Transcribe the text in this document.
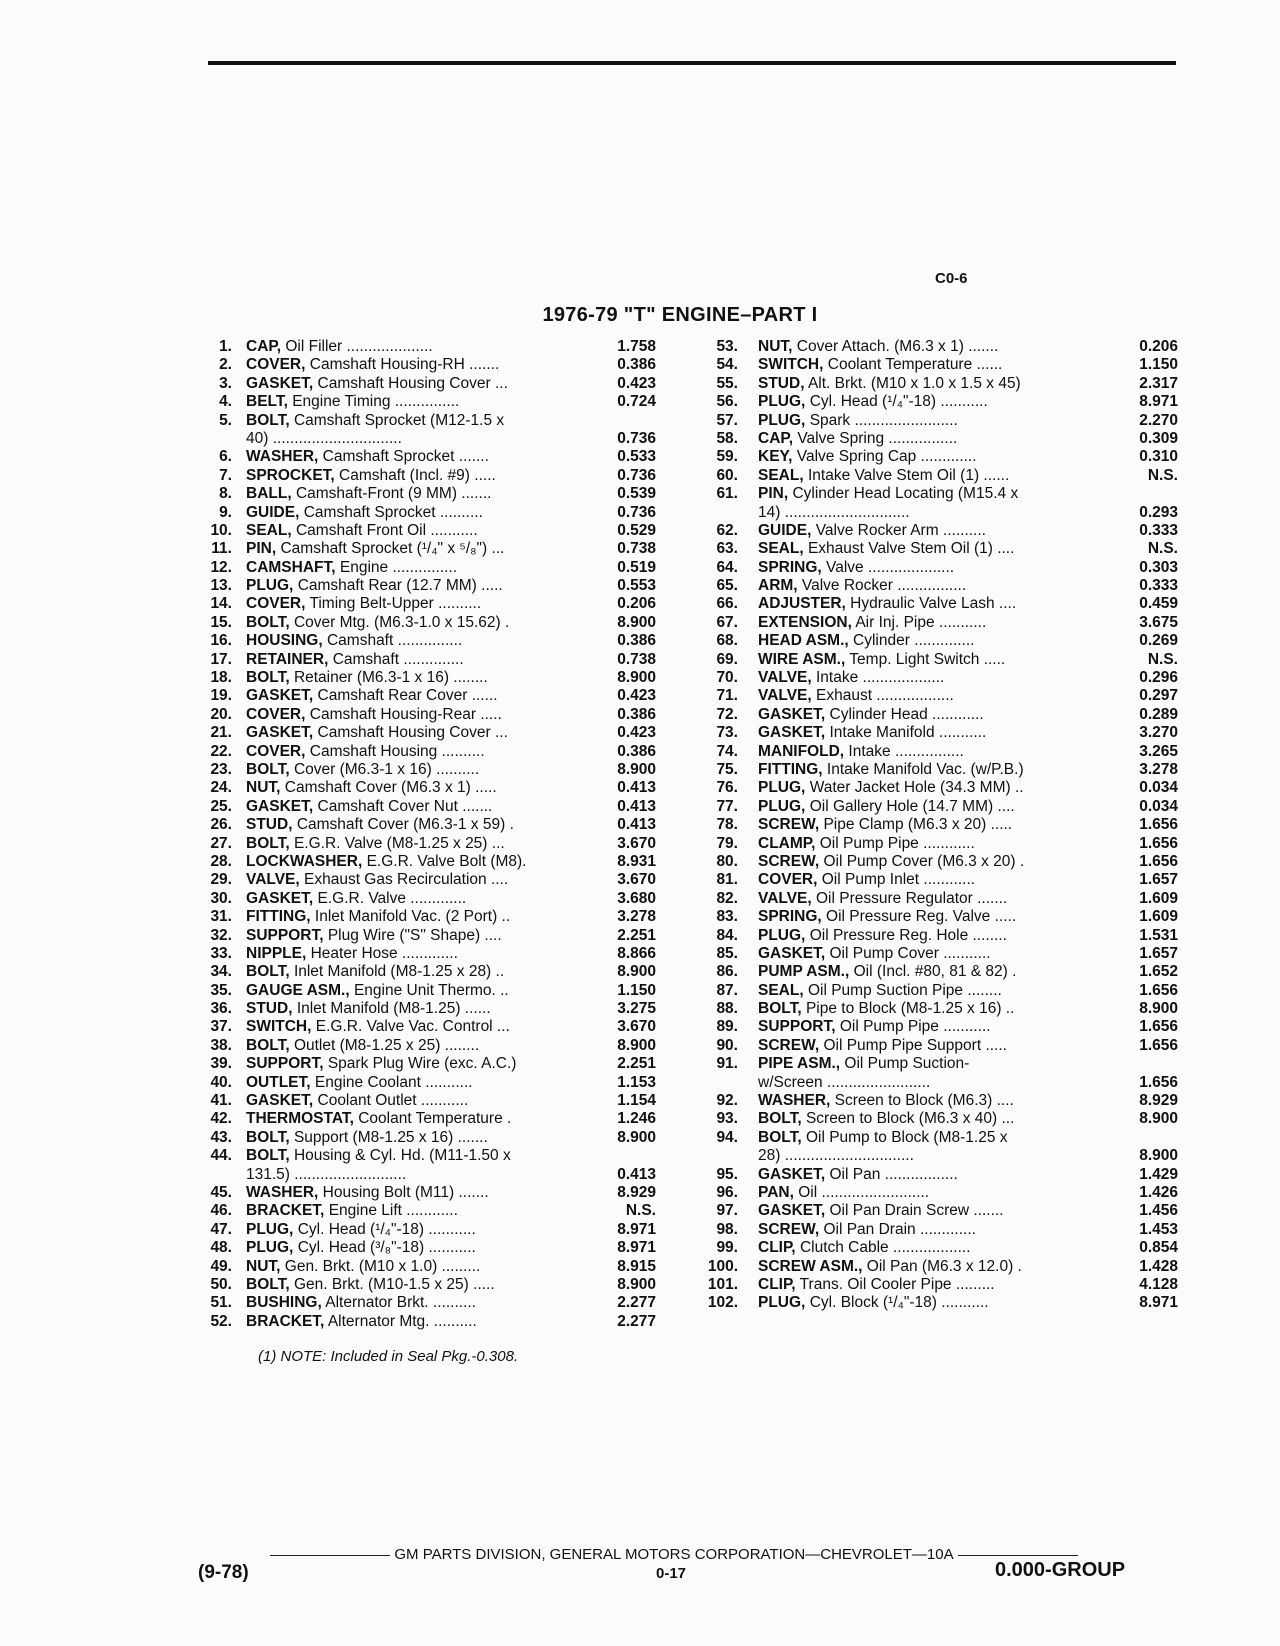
C0-6
1976-79 "T" ENGINE–PART I
1. CAP, Oil Filler ....................	1.758
2. COVER, Camshaft Housing-RH .......	0.386
3. GASKET, Camshaft Housing Cover ...	0.423
4. BELT, Engine Timing ...............	0.724
5. BOLT, Camshaft Sprocket (M12-1.5 x
40) ..............................	0.736
6. WASHER, Camshaft Sprocket .......	0.533
7. SPROCKET, Camshaft (Incl. #9) .....	0.736
8. BALL, Camshaft-Front (9 MM) .......	0.539
9. GUIDE, Camshaft Sprocket ..........	0.736
10. SEAL, Camshaft Front Oil ...........	0.529
11. PIN, Camshaft Sprocket (¹/₄" x ⁵/₈") ...	0.738
12. CAMSHAFT, Engine ...............	0.519
13. PLUG, Camshaft Rear (12.7 MM) .....	0.553
14. COVER, Timing Belt-Upper ..........	0.206
15. BOLT, Cover Mtg. (M6.3-1.0 x 15.62) .	8.900
16. HOUSING, Camshaft ...............	0.386
17. RETAINER, Camshaft ..............	0.738
18. BOLT, Retainer (M6.3-1 x 16) ........	8.900
19. GASKET, Camshaft Rear Cover ......	0.423
20. COVER, Camshaft Housing-Rear .....	0.386
21. GASKET, Camshaft Housing Cover ...	0.423
22. COVER, Camshaft Housing ..........	0.386
23. BOLT, Cover (M6.3-1 x 16) ..........	8.900
24. NUT, Camshaft Cover (M6.3 x 1) .....	0.413
25. GASKET, Camshaft Cover Nut .......	0.413
26. STUD, Camshaft Cover (M6.3-1 x 59) .	0.413
27. BOLT, E.G.R. Valve (M8-1.25 x 25) ...	3.670
28. LOCKWASHER, E.G.R. Valve Bolt (M8).	8.931
29. VALVE, Exhaust Gas Recirculation ....	3.670
30. GASKET, E.G.R. Valve .............	3.680
31. FITTING, Inlet Manifold Vac. (2 Port) ..	3.278
32. SUPPORT, Plug Wire ("S" Shape) ....	2.251
33. NIPPLE, Heater Hose .............	8.866
34. BOLT, Inlet Manifold (M8-1.25 x 28) ..	8.900
35. GAUGE ASM., Engine Unit Thermo. ..	1.150
36. STUD, Inlet Manifold (M8-1.25) ......	3.275
37. SWITCH, E.G.R. Valve Vac. Control ...	3.670
38. BOLT, Outlet (M8-1.25 x 25) ........	8.900
39. SUPPORT, Spark Plug Wire (exc. A.C.)	2.251
40. OUTLET, Engine Coolant ...........	1.153
41. GASKET, Coolant Outlet ...........	1.154
42. THERMOSTAT, Coolant Temperature .	1.246
43. BOLT, Support (M8-1.25 x 16) .......	8.900
44. BOLT, Housing & Cyl. Hd. (M11-1.50 x
131.5) ..........................	0.413
45. WASHER, Housing Bolt (M11) .......	8.929
46. BRACKET, Engine Lift ............	N.S.
47. PLUG, Cyl. Head (¹/₄"-18) ...........	8.971
48. PLUG, Cyl. Head (³/₈"-18) ...........	8.971
49. NUT, Gen. Brkt. (M10 x 1.0) .........	8.915
50. BOLT, Gen. Brkt. (M10-1.5 x 25) .....	8.900
51. BUSHING, Alternator Brkt. ..........	2.277
52. BRACKET, Alternator Mtg. ..........	2.277
53. NUT, Cover Attach. (M6.3 x 1) .......	0.206
54. SWITCH, Coolant Temperature ......	1.150
55. STUD, Alt. Brkt. (M10 x 1.0 x 1.5 x 45)	2.317
56. PLUG, Cyl. Head (¹/₄"-18) ...........	8.971
57. PLUG, Spark ........................	2.270
58. CAP, Valve Spring ................	0.309
59. KEY, Valve Spring Cap .............	0.310
60. SEAL, Intake Valve Stem Oil (1) ......	N.S.
61. PIN, Cylinder Head Locating (M15.4 x
14) .............................	0.293
62. GUIDE, Valve Rocker Arm ..........	0.333
63. SEAL, Exhaust Valve Stem Oil (1) ....	N.S.
64. SPRING, Valve ....................	0.303
65. ARM, Valve Rocker ................	0.333
66. ADJUSTER, Hydraulic Valve Lash ....	0.459
67. EXTENSION, Air Inj. Pipe ...........	3.675
68. HEAD ASM., Cylinder ..............	0.269
69. WIRE ASM., Temp. Light Switch .....	N.S.
70. VALVE, Intake ...................	0.296
71. VALVE, Exhaust ..................	0.297
72. GASKET, Cylinder Head ............	0.289
73. GASKET, Intake Manifold ...........	3.270
74. MANIFOLD, Intake ................	3.265
75. FITTING, Intake Manifold Vac. (w/P.B.)	3.278
76. PLUG, Water Jacket Hole (34.3 MM) ..	0.034
77. PLUG, Oil Gallery Hole (14.7 MM) ....	0.034
78. SCREW, Pipe Clamp (M6.3 x 20) .....	1.656
79. CLAMP, Oil Pump Pipe ............	1.656
80. SCREW, Oil Pump Cover (M6.3 x 20) .	1.656
81. COVER, Oil Pump Inlet ............	1.657
82. VALVE, Oil Pressure Regulator .......	1.609
83. SPRING, Oil Pressure Reg. Valve .....	1.609
84. PLUG, Oil Pressure Reg. Hole ........	1.531
85. GASKET, Oil Pump Cover ...........	1.657
86. PUMP ASM., Oil (Incl. #80, 81 & 82) .	1.652
87. SEAL, Oil Pump Suction Pipe ........	1.656
88. BOLT, Pipe to Block (M8-1.25 x 16) ..	8.900
89. SUPPORT, Oil Pump Pipe ...........	1.656
90. SCREW, Oil Pump Pipe Support .....	1.656
91. PIPE ASM., Oil Pump Suction-
w/Screen ........................	1.656
92. WASHER, Screen to Block (M6.3) ....	8.929
93. BOLT, Screen to Block (M6.3 x 40) ...	8.900
94. BOLT, Oil Pump to Block (M8-1.25 x
28) ..............................	8.900
95. GASKET, Oil Pan .................	1.429
96. PAN, Oil .........................	1.426
97. GASKET, Oil Pan Drain Screw .......	1.456
98. SCREW, Oil Pan Drain .............	1.453
99. CLIP, Clutch Cable ..................	0.854
100. SCREW ASM., Oil Pan (M6.3 x 12.0) .	1.428
101. CLIP, Trans. Oil Cooler Pipe .........	4.128
102. PLUG, Cyl. Block (¹/₄"-18) ...........	8.971
(1) NOTE: Included in Seal Pkg.-0.308.
GM PARTS DIVISION, GENERAL MOTORS CORPORATION—CHEVROLET—10A
(9-78)	0-17	0.000-GROUP
